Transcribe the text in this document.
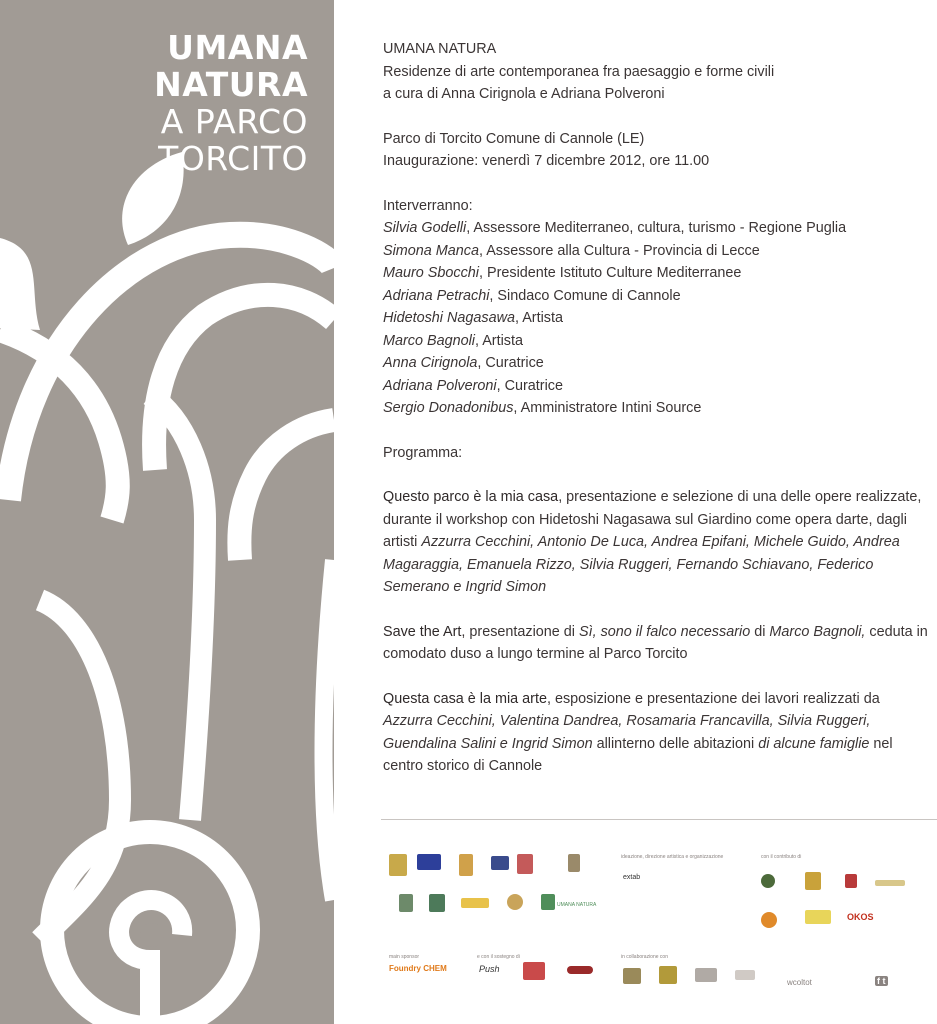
UMANA
NATURA
A PARCO
TORCITO

UMANA NATURA

Residenze di arte contemporanea fra paesaggio e forme civili

a cura di Anna Cirignola e Adriana Polveroni

Parco di Torcito Comune di Cannole (LE)

Inaugurazione: venerdì 7 dicembre 2012, ore 11.00

Interverranno:

Silvia Godelli, Assessore Mediterraneo, cultura, turismo - Regione Puglia

Simona Manca, Assessore alla Cultura - Provincia di Lecce

Mauro Sbocchi, Presidente Istituto Culture Mediterranee

Adriana Petrachi, Sindaco Comune di Cannole

Hidetoshi Nagasawa, Artista

Marco Bagnoli, Artista

Anna Cirignola, Curatrice

Adriana Polveroni, Curatrice

Sergio Donadonibus, Amministratore Intini Source

Programma:

Questo parco è la mia casa, presentazione e selezione di una delle opere realizzate, durante il workshop con Hidetoshi Nagasawa sul Giardino come opera darte, dagli artisti Azzurra Cecchini, Antonio De Luca, Andrea Epifani, Michele Guido, Andrea Magaraggia, Emanuela Rizzo, Silvia Ruggeri, Fernando Schiavano, Federico Semerano e Ingrid Simon

Save the Art, presentazione di Sì, sono il falco necessario di Marco Bagnoli, ceduta in comodato duso a lungo termine al Parco Torcito

Questa casa è la mia arte, esposizione e presentazione dei lavori realizzati da Azzurra Cecchini, Valentina Dandrea, Rosamaria Francavilla, Silvia Ruggeri, Guendalina Salini e Ingrid Simon allinterno delle abitazioni di alcune famiglie nel centro storico di Cannole

UMANA NATURA
ideazione, direzione artistica e organizzazione
extab
con il contributo di
OKOS
main sponsor
Foundry CHEM
e con il sostegno di
Push
in collaborazione con
wcoltot	f t
